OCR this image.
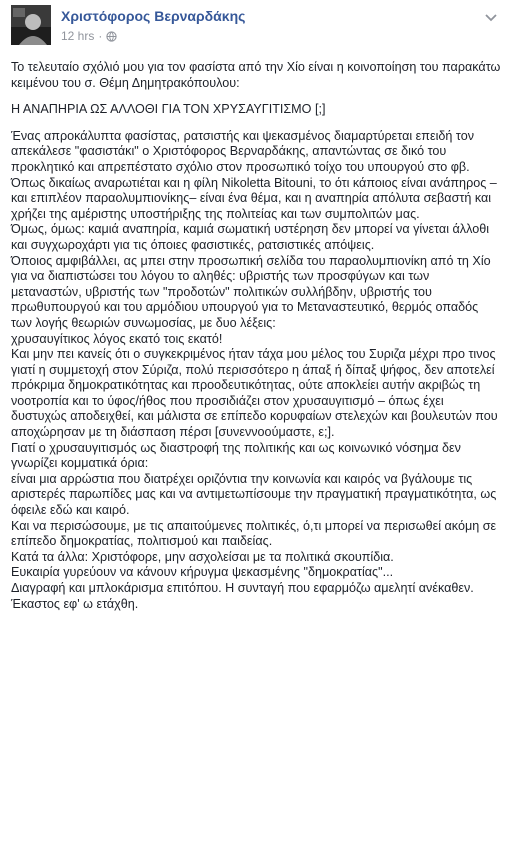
Χριστόφορος Βερναρδάκης
12 hrs ·

Το τελευταίο σχόλιό μου για τον φασίστα από την Χίο είναι η κοινοποίηση του παρακάτω κειμένου του σ. Θέμη Δημητρακόπουλου:

Η ΑΝΑΠΗΡΙΑ ΩΣ ΑΛΛΟΘΙ ΓΙΑ ΤΟΝ ΧΡΥΣΑΥΓΙΤΙΣΜΟ [;]

Ένας απροκάλυπτα φασίστας, ρατσιστής και ψεκασμένος διαμαρτύρεται επειδή τον απεκάλεσε "φασιστάκι" ο Χριστόφορος Βερναρδάκης, απαντώντας σε δικό του προκλητικό και απρεπέστατο σχόλιο στον προσωπικό τοίχο του υπουργού στο φβ.

Όπως δικαίως αναρωτιέται και η φίλη Nikoletta Bitouni, το ότι κάποιος είναι ανάπηρος –και επιπλέον παραολυμπιονίκης– είναι ένα θέμα, και η αναπηρία απόλυτα σεβαστή και χρήζει της αμέριστης υποστήριξης της πολιτείας και των συμπολιτών μας.

Όμως, όμως: καμιά αναπηρία, καμιά σωματική υστέρηση δεν μπορεί να γίνεται άλλοθι και συγχωροχάρτι για τις όποιες φασιστικές, ρατσιστικές απόψεις.

Όποιος αμφιβάλλει, ας μπει στην προσωπική σελίδα του παραολυμπιονίκη από τη Χίο για να διαπιστώσει του λόγου το αληθές: υβριστής των προσφύγων και των μεταναστών, υβριστής των "προδοτών" πολιτικών συλλήβδην, υβριστής του πρωθυπουργού και του αρμόδιου υπουργού για το Μεταναστευτικό, θερμός οπαδός των λογής θεωριών συνωμοσίας, με δυο λέξεις:

χρυσαυγίτικος λόγος εκατό τοις εκατό!

Και μην πει κανείς ότι ο συγκεκριμένος ήταν τάχα μου μέλος του Συριζα μέχρι προ τινος γιατί η συμμετοχή στον Σύριζα, πολύ περισσότερο η άπαξ ή δίπαξ ψήφος, δεν αποτελεί πρόκριμα δημοκρατικότητας και προοδευτικότητας, ούτε αποκλείει αυτήν ακριβώς τη νοοτροπία και το ύφος/ήθος που προσιδιάζει στον χρυσαυγιτισμό – όπως έχει δυστυχώς αποδειχθεί, και μάλιστα σε επίπεδο κορυφαίων στελεχών και βουλευτών που αποχώρησαν με τη διάσπαση πέρσι [συνεννοούμαστε, ε;].

Γιατί ο χρυσαυγιτισμός ως διαστροφή της πολιτικής και ως κοινωνικό νόσημα δεν γνωρίζει κομματικά όρια:

είναι μια αρρώστια που διατρέχει οριζόντια την κοινωνία και καιρός να βγάλουμε τις αριστερές παρωπίδες μας και να αντιμετωπίσουμε την πραγματική πραγματικότητα, ως όφειλε εδώ και καιρό.

Και να περισώσουμε, με τις απαιτούμενες πολιτικές, ό,τι μπορεί να περισωθεί ακόμη σε επίπεδο δημοκρατίας, πολιτισμού και παιδείας.

Κατά τα άλλα: Χριστόφορε, μην ασχολείσαι με τα πολιτικά σκουπίδια.

Ευκαιρία γυρεύουν να κάνουν κήρυγμα ψεκασμένης "δημοκρατίας"...

Διαγραφή και μπλοκάρισμα επιτόπου. Η συνταγή που εφαρμόζω αμελητί ανέκαθεν.

Έκαστος εφ' ω ετάχθη.
